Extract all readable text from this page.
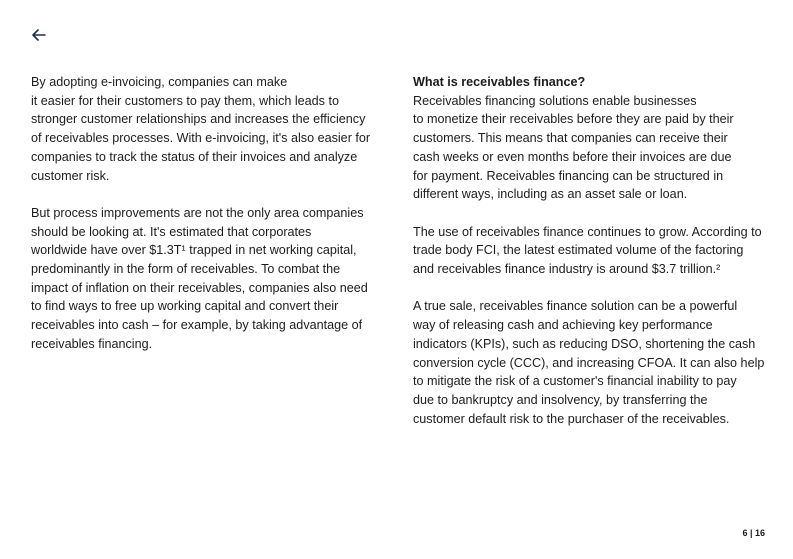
By adopting e-invoicing, companies can make
it easier for their customers to pay them, which leads to
stronger customer relationships and increases the efficiency
of receivables processes. With e-invoicing, it's also easier for
companies to track the status of their invoices and analyze
customer risk.

But process improvements are not the only area companies
should be looking at. It's estimated that corporates
worldwide have over $1.3T¹ trapped in net working capital,
predominantly in the form of receivables. To combat the
impact of inflation on their receivables, companies also need
to find ways to free up working capital and convert their
receivables into cash – for example, by taking advantage of
receivables financing.

What is receivables finance?

Receivables financing solutions enable businesses
to monetize their receivables before they are paid by their
customers. This means that companies can receive their
cash weeks or even months before their invoices are due
for payment. Receivables financing can be structured in
different ways, including as an asset sale or loan.

The use of receivables finance continues to grow. According to
trade body FCI, the latest estimated volume of the factoring
and receivables finance industry is around $3.7 trillion.²

A true sale, receivables finance solution can be a powerful
way of releasing cash and achieving key performance
indicators (KPIs), such as reducing DSO, shortening the cash
conversion cycle (CCC), and increasing CFOA. It can also help
to mitigate the risk of a customer's financial inability to pay
due to bankruptcy and insolvency, by transferring the
customer default risk to the purchaser of the receivables.

6 | 16
